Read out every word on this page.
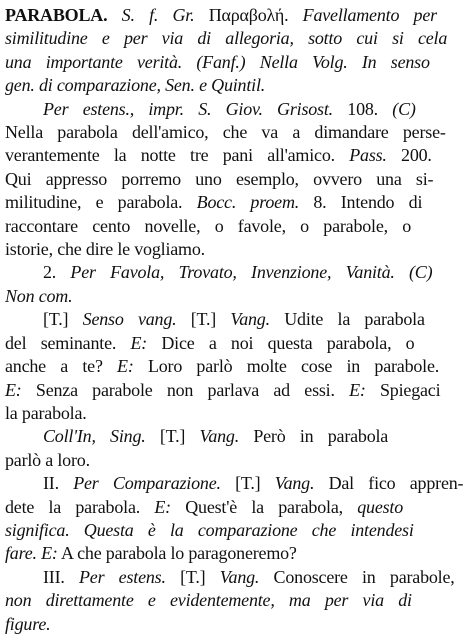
PARABOLA. S. f. Gr. Παραβολή. Favellamento per
similitudine e per via di allegoria, sotto cui si cela
una importante verità. (Fanf.) Nella Volg. In senso
gen. di comparazione, Sen. e Quintil.
Per estens., impr. S. Giov. Grisost. 108. (C)
Nella parabola dell'amico, che va a dimandare perse-
verantemente la notte tre pani all'amico. Pass. 200.
Qui appresso porremo uno esemplo, ovvero una si-
militudine, e parabola. Bocc. proem. 8. Intendo di
raccontare cento novelle, o favole, o parabole, o
istorie, che dire le vogliamo.
2. Per Favola, Trovato, Invenzione, Vanità. (C)
Non com.
[T.] Senso vang. [T.] Vang. Udite la parabola
del seminante. E: Dice a noi questa parabola, o
anche a te? E: Loro parlò molte cose in parabole.
E: Senza parabole non parlava ad essi. E: Spiegaci
la parabola.
Coll'In, Sing. [T.] Vang. Però in parabola
parlò a loro.
II. Per Comparazione. [T.] Vang. Dal fico appren-
dete la parabola. E: Quest'è la parabola, questo
significa. Questa è la comparazione che intendesi
fare. E: A che parabola lo paragoneremo?
III. Per estens. [T.] Vang. Conoscere in parabole,
non direttamente e evidentemente, ma per via di
figure.
